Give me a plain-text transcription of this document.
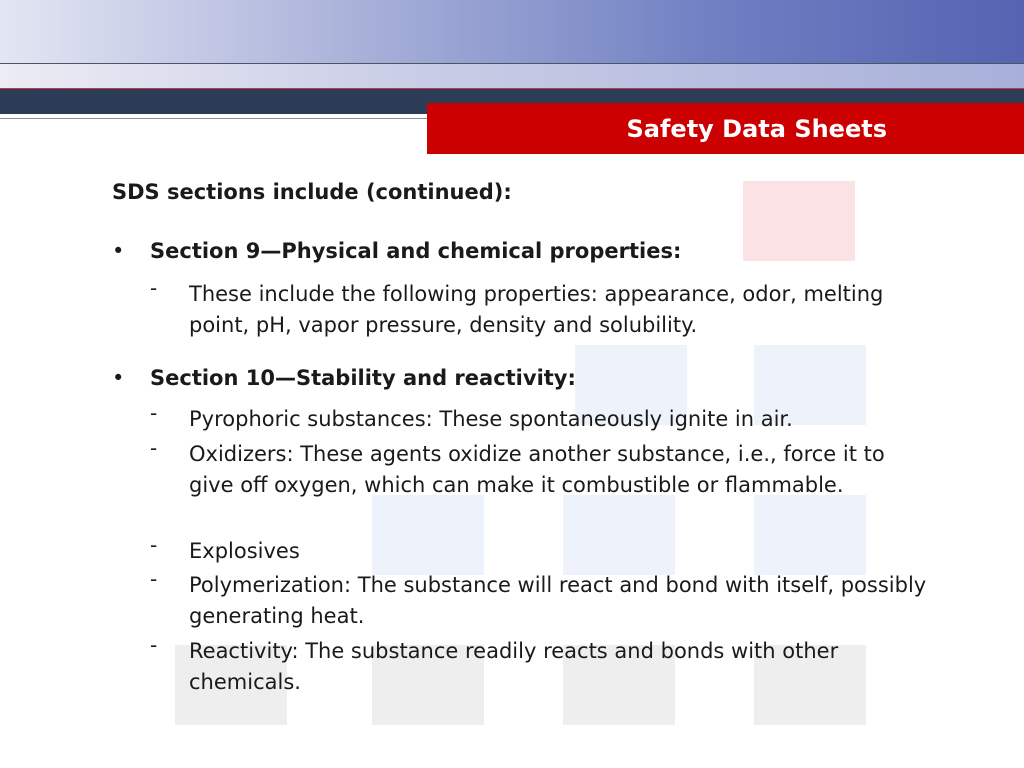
Safety Data Sheets
SDS sections include (continued):
• Section 9—Physical and chemical properties:
- These include the following properties: appearance, odor, melting point, pH, vapor pressure, density and solubility.
• Section 10—Stability and reactivity:
- Pyrophoric substances: These spontaneously ignite in air.
- Oxidizers: These agents oxidize another substance, i.e., force it to give off oxygen, which can make it combustible or flammable.
- Explosives
- Polymerization: The substance will react and bond with itself, possibly generating heat.
- Reactivity: The substance readily reacts and bonds with other chemicals.
